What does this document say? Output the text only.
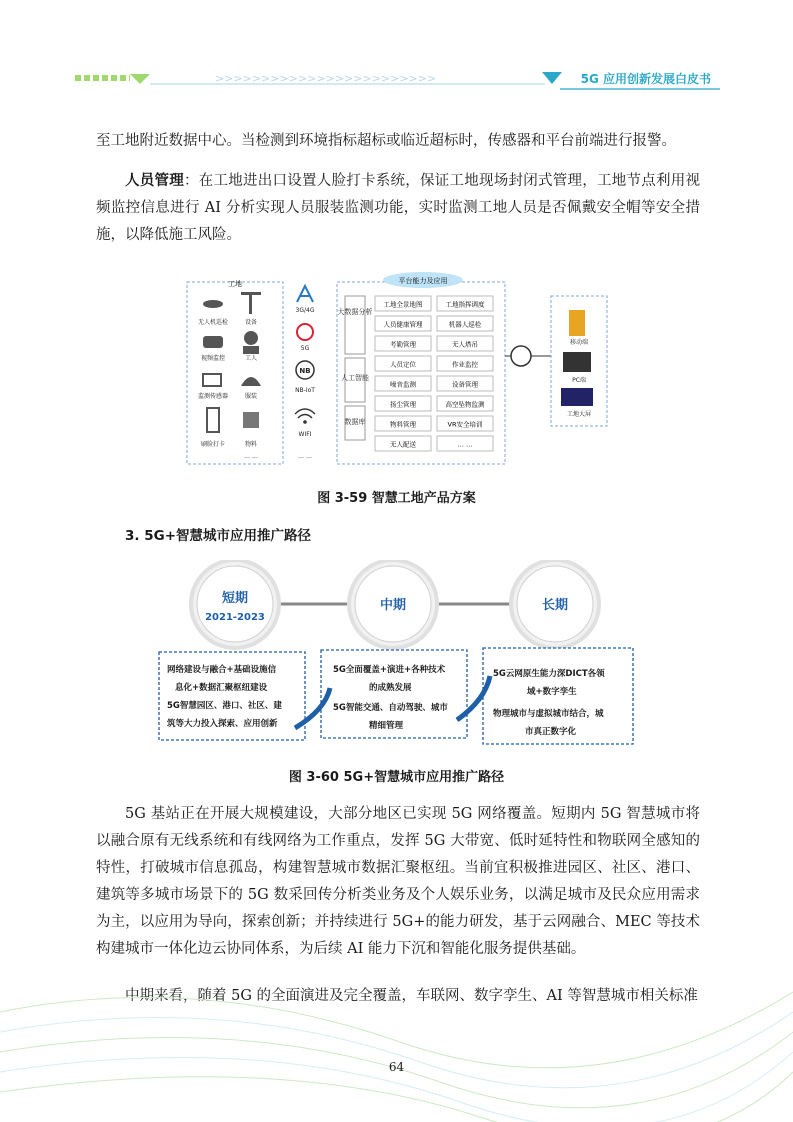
>>>>>>>>>>>>>>>>>>>>>>>>	5G 应用创新发展白皮书

至工地附近数据中心。当检测到环境指标超标或临近超标时，传感器和平台前端进行报警。

人员管理：在工地进出口设置人脸打卡系统，保证工地现场封闭式管理，工地节点利用视频监控信息进行 AI 分析实现人员服装监测功能，实时监测工地人员是否佩戴安全帽等安全措施，以降低施工风险。

工地
无人机巡检	设备
视频监控	工人
监测传感器	服装
刷脸打卡	物料
… …
3G/4G
5G
NB
NB-IoT
WIFI
… …
平台能力及应用
大数据分析
人工智能
数据库
工地全景地图	工地指挥调度
人员健康管理	机器人巡检
考勤管理	无人塔吊
人员定位	作业监控
噪音监测	设备管理
扬尘管理	高空坠物监测
物料管理	VR安全培训
无人配送	… …
移动端
PC端
工地大屏
图 3-59 智慧工地产品方案
3. 5G+智慧城市应用推广路径
短期
2021-2023
中期	长期
网络建设与融合+基础设施信
息化+数据汇聚枢纽建设
5G智慧园区、港口、社区、建
筑等大力投入探索、应用创新
5G全面覆盖+演进+各种技术
的成熟发展
5G智能交通、自动驾驶、城市
精细管理
5G云网原生能力深DICT各领
域+数字孪生
物理城市与虚拟城市结合，城
市真正数字化
图 3-60 5G+智慧城市应用推广路径

5G 基站正在开展大规模建设，大部分地区已实现 5G 网络覆盖。短期内 5G 智慧城市将以融合原有无线系统和有线网络为工作重点，发挥 5G 大带宽、低时延特性和物联网全感知的特性，打破城市信息孤岛，构建智慧城市数据汇聚枢纽。当前宜积极推进园区、社区、港口、建筑等多城市场景下的 5G 数采回传分析类业务及个人娱乐业务，以满足城市及民众应用需求为主，以应用为导向，探索创新；并持续进行 5G+的能力研发，基于云网融合、MEC 等技术构建城市一体化边云协同体系，为后续 AI 能力下沉和智能化服务提供基础。

中期来看，随着 5G 的全面演进及完全覆盖，车联网、数字孪生、AI 等智慧城市相关标准

64
